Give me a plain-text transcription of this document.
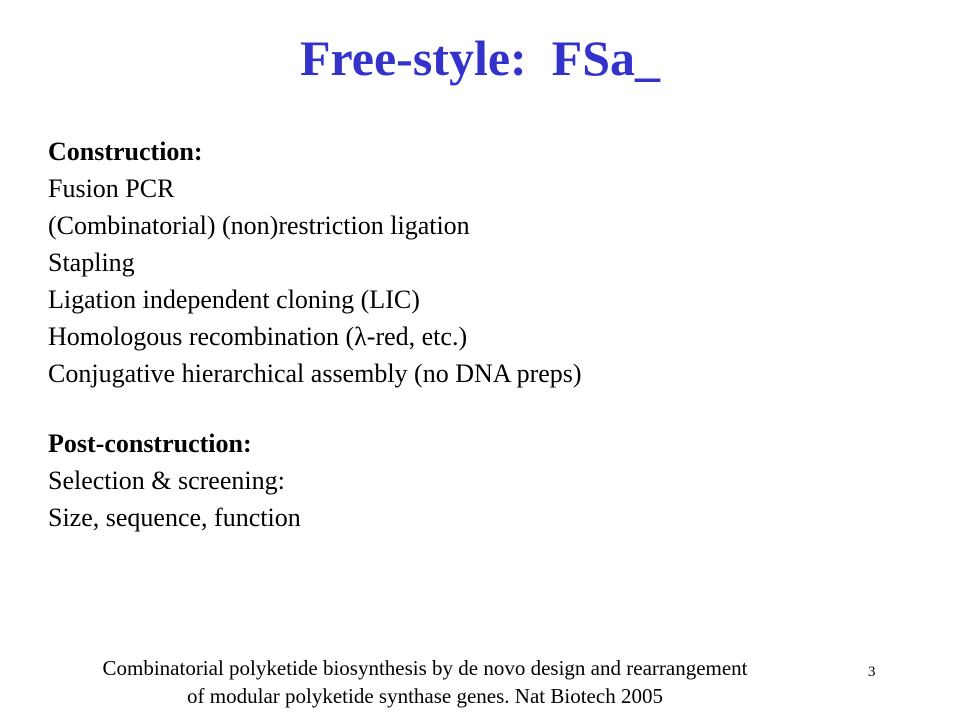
Free-style:  FSa_
Construction:
Fusion PCR
(Combinatorial) (non)restriction ligation
Stapling
Ligation independent cloning (LIC)
Homologous recombination (λ-red, etc.)
Conjugative hierarchical assembly (no DNA preps)
Post-construction:
Selection & screening:
Size, sequence, function
Combinatorial polyketide biosynthesis by de novo design and rearrangement
of modular polyketide synthase genes. Nat Biotech 2005
3
